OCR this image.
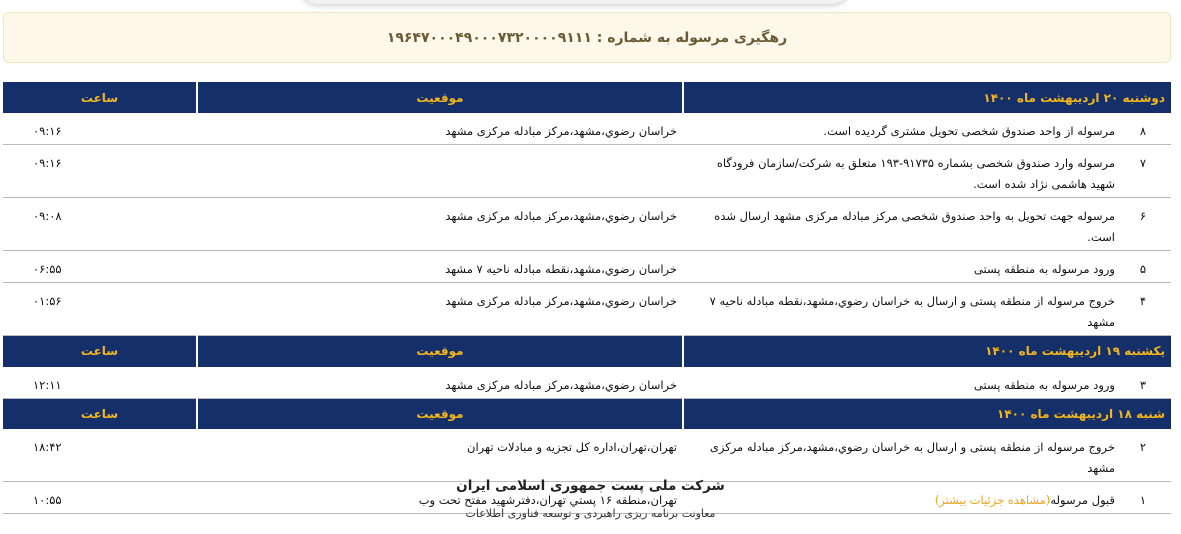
رهگیری مرسوله به شماره : ۱۹۶۴۷۰۰۰۴۹۰۰۰۷۳۲۰۰۰۰۹۱۱۱
دوشنبه ۲۰ اردیبهشت ماه ۱۴۰۰	موقعیت	ساعت
۸مرسوله از واحد صندوق شخصی تحویل مشتری گردیده است.	خراسان رضوي،مشهد،مرکز مبادله مرکزی مشهد	۰۹:۱۶
۷مرسوله وارد صندوق شخصی بشماره ۹۱۷۳۵-۱۹۳ متعلق به شرکت/سازمان فرودگاه شهید هاشمی نژاد شده است.		۰۹:۱۶
۶مرسوله جهت تحویل به واحد صندوق شخصی مرکز مبادله مرکزی مشهد ارسال شده است.	خراسان رضوي،مشهد،مرکز مبادله مرکزی مشهد	۰۹:۰۸
۵ورود مرسوله به منطقه پستی	خراسان رضوي،مشهد،نقطه مبادله ناحیه ۷ مشهد	۰۶:۵۵
۴خروج مرسوله از منطقه پستی و ارسال به خراسان رضوي،مشهد،نقطه مبادله ناحیه ۷ مشهد	خراسان رضوي،مشهد،مرکز مبادله مرکزی مشهد	۰۱:۵۶
یکشنبه ۱۹ اردیبهشت ماه ۱۴۰۰	موقعیت	ساعت
۳ورود مرسوله به منطقه پستی	خراسان رضوي،مشهد،مرکز مبادله مرکزی مشهد	۱۲:۱۱
شنبه ۱۸ اردیبهشت ماه ۱۴۰۰	موقعیت	ساعت
۲خروج مرسوله از منطقه پستی و ارسال به خراسان رضوي،مشهد،مرکز مبادله مرکزی مشهد	تهران،تهران،اداره کل تجزیه و مبادلات تهران	۱۸:۴۲
۱قبول مرسوله(مشاهده جزئیات بیشتر)	تهران،منطقه ۱۶ پستي تهران،دفترشهید مفتح تحت وب	۱۰:۵۵
شرکت ملی پست جمهوری اسلامی ایران
معاونت برنامه ریزی راهبردی و توسعه فناوری اطلاعات
